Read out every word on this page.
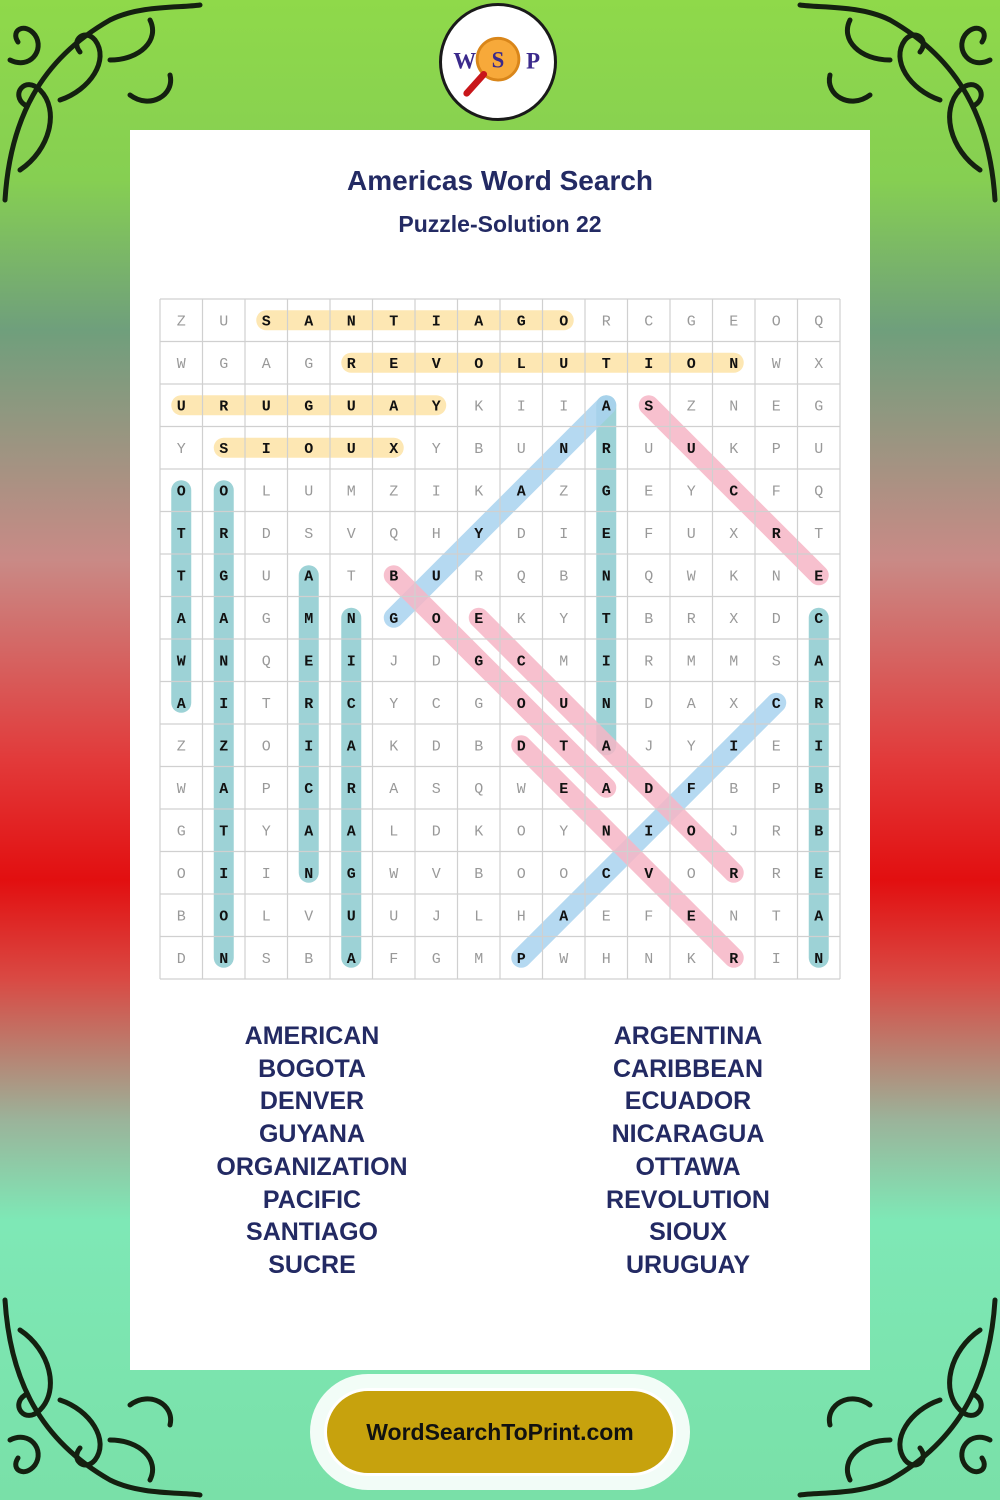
W S P
Americas Word Search
Puzzle-Solution 22
Z U S A N T I A G O R C G E O Q
W G A G R E V O L U T I O N W X
U R U G U A Y K I I A S Z N E G
Y S I O U X Y B U N R U U K P U
O O L U M Z I K A Z G E Y C F Q
T R D S V Q H Y D I E F U X R T
T G U A T B U R Q B N Q W K N E
A A G M N G O E K Y T B R X D C
W N Q E I J D G C M I R M M S A
A I T R C Y C G O U N D A X C R
Z Z O I A K D B D T A J Y I E I
W A P C R A S Q W E A D F B P B
G T Y A A L D K O Y N I O J R B
O I I N G W V B O O C V O R R E
B O L V U U J L H A E F E N T A
D N S B A F G M P W H N K R I N
AMERICAN
BOGOTA
DENVER
GUYANA
ORGANIZATION
PACIFIC
SANTIAGO
SUCRE
ARGENTINA
CARIBBEAN
ECUADOR
NICARAGUA
OTTAWA
REVOLUTION
SIOUX
URUGUAY
WordSearchToPrint.com
